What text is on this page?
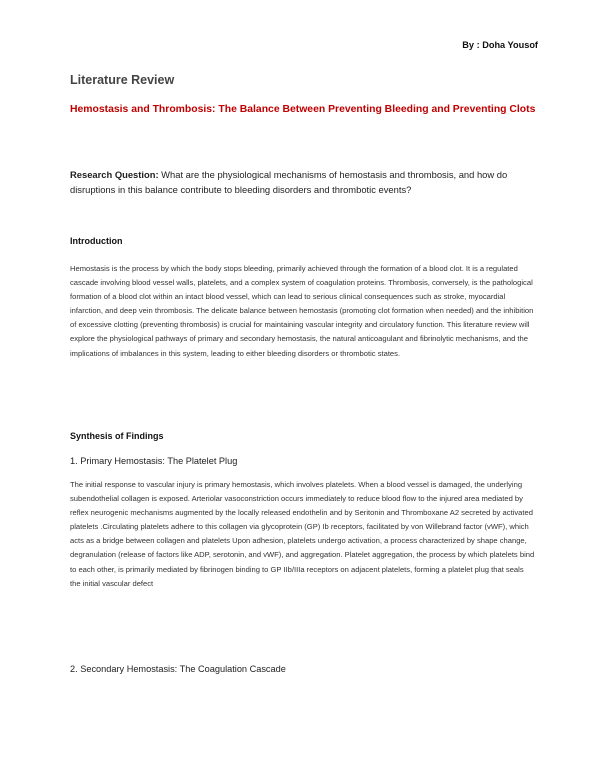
By : Doha Yousof
Literature Review
Hemostasis and Thrombosis: The Balance Between Preventing Bleeding and Preventing Clots
Research Question: What are the physiological mechanisms of hemostasis and thrombosis, and how do disruptions in this balance contribute to bleeding disorders and thrombotic events?
Introduction
Hemostasis is the process by which the body stops bleeding, primarily achieved through the formation of a blood clot. It is a regulated cascade involving blood vessel walls, platelets, and a complex system of coagulation proteins. Thrombosis, conversely, is the pathological formation of a blood clot within an intact blood vessel, which can lead to serious clinical consequences such as stroke, myocardial infarction, and deep vein thrombosis. The delicate balance between hemostasis (promoting clot formation when needed) and the inhibition of excessive clotting (preventing thrombosis) is crucial for maintaining vascular integrity and circulatory function. This literature review will explore the physiological pathways of primary and secondary hemostasis, the natural anticoagulant and fibrinolytic mechanisms, and the implications of imbalances in this system, leading to either bleeding disorders or thrombotic states.
Synthesis of Findings
1. Primary Hemostasis: The Platelet Plug
The initial response to vascular injury is primary hemostasis, which involves platelets. When a blood vessel is damaged, the underlying subendothelial collagen is exposed. Arteriolar vasoconstriction occurs immediately to reduce blood flow to the injured area mediated by reflex neurogenic mechanisms augmented by the locally released endothelin and by Seritonin and Thromboxane A2 secreted by activated platelets .Circulating platelets adhere to this collagen via glycoprotein (GP) Ib receptors, facilitated by von Willebrand factor (vWF), which acts as a bridge between collagen and platelets Upon adhesion, platelets undergo activation, a process characterized by shape change, degranulation (release of factors like ADP, serotonin, and vWF), and aggregation. Platelet aggregation, the process by which platelets bind to each other, is primarily mediated by fibrinogen binding to GP IIb/IIIa receptors on adjacent platelets, forming a platelet plug that seals the initial vascular defect
2. Secondary Hemostasis: The Coagulation Cascade
